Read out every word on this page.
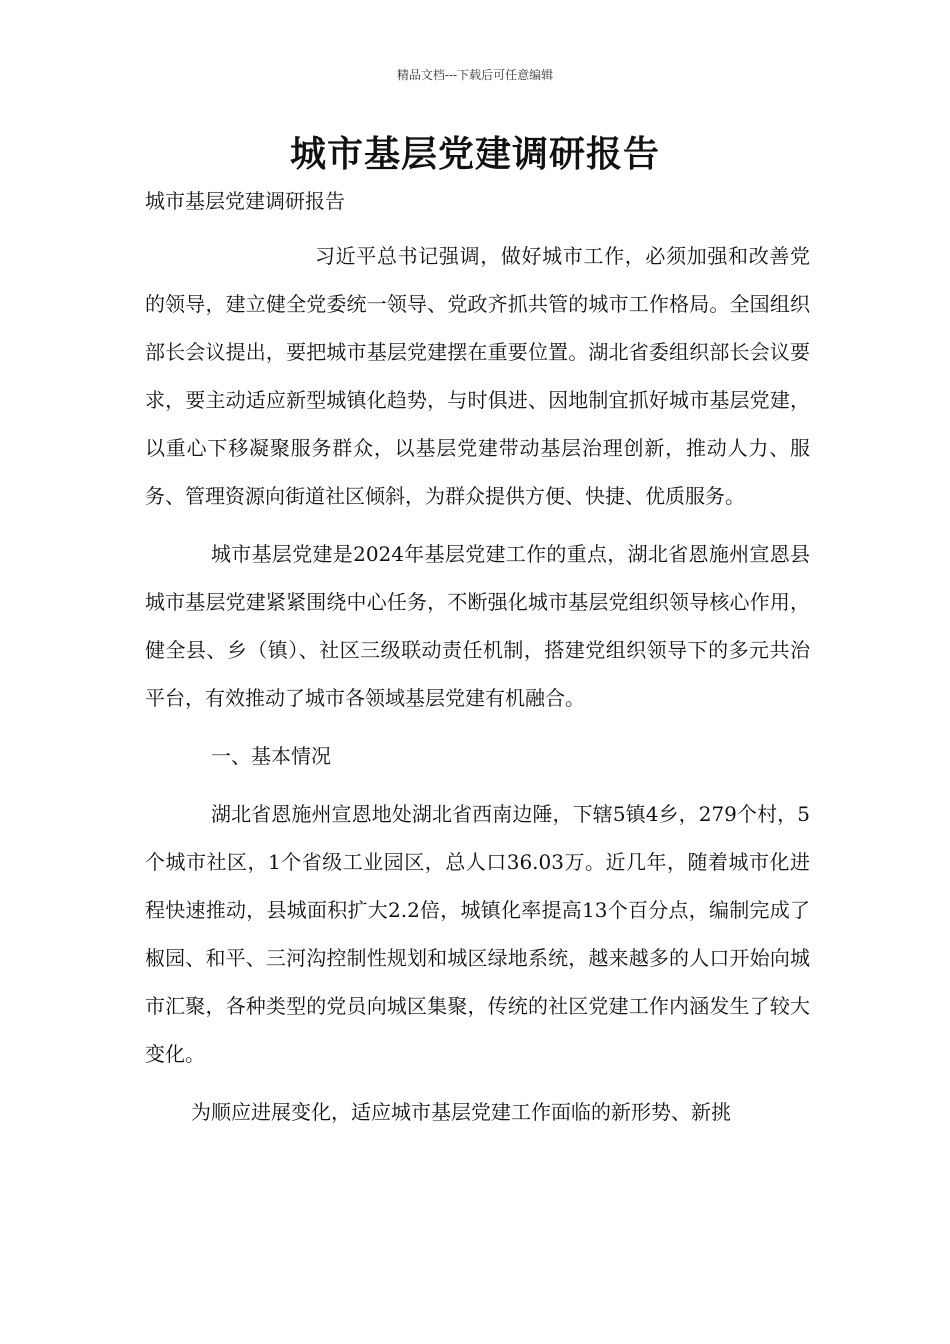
精品文档---下载后可任意编辑
城市基层党建调研报告
城市基层党建调研报告

习近平总书记强调，做好城市工作，必须加强和改善党的领导，建立健全党委统一领导、党政齐抓共管的城市工作格局。全国组织部长会议提出，要把城市基层党建摆在重要位置。湖北省委组织部长会议要求，要主动适应新型城镇化趋势，与时俱进、因地制宜抓好城市基层党建，以重心下移凝聚服务群众，以基层党建带动基层治理创新，推动人力、服务、管理资源向街道社区倾斜，为群众提供方便、快捷、优质服务。

城市基层党建是2024年基层党建工作的重点，湖北省恩施州宣恩县城市基层党建紧紧围绕中心任务，不断强化城市基层党组织领导核心作用，健全县、乡（镇）、社区三级联动责任机制，搭建党组织领导下的多元共治平台，有效推动了城市各领域基层党建有机融合。

一、基本情况

湖北省恩施州宣恩地处湖北省西南边陲，下辖5镇4乡，279个村，5个城市社区，1个省级工业园区，总人口36.03万。近几年，随着城市化进程快速推动，县城面积扩大2.2倍，城镇化率提高13个百分点，编制完成了椒园、和平、三河沟控制性规划和城区绿地系统，越来越多的人口开始向城市汇聚，各种类型的党员向城区集聚，传统的社区党建工作内涵发生了较大变化。

为顺应进展变化，适应城市基层党建工作面临的新形势、新挑
